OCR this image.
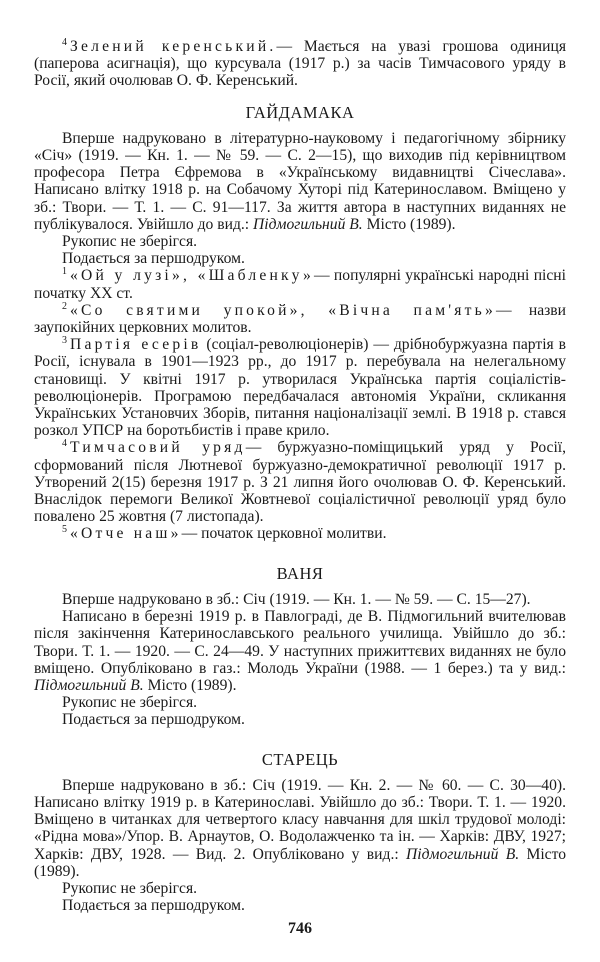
$^4$ Зелений керенський.— Мається на увазі грошова одиниця (паперова асигнація), що курсувала (1917 р.) за часів Тимчасового уряду в Росії, який очолював О. Ф. Керенський.

ГАЙДАМАКА

Вперше надруковано в літературно-науковому і педагогічному збірнику «Січ» (1919. — Кн. 1. — № 59. — С. 2—15), що виходив під керівництвом професора Петра Єфремова в «Українському видавництві Січеслава». Написано влітку 1918 р. на Собачому Хуторі під Катеринославом. Вміщено у зб.: Твори. — Т. 1. — С. 91—117. За життя автора в наступних виданнях не публікувалося. Увійшло до вид.: Підмогильний В. Місто (1989).

Рукопис не зберігся.

Подається за першодруком.

$^1$ «Ой у лузі», «Шабленку»— популярні українські народні пісні початку XX ст.

$^2$ «Со святими упокой», «Вічна пам'ять»— назви заупокійних церковних молитов.

$^3$ Партія есерів (соціал-революціонерів) — дрібнобуржуазна партія в Росії, існувала в 1901—1923 рр., до 1917 р. перебувала на нелегальному становищі. У квітні 1917 р. утворилася Українська партія соціалістів-революціонерів. Програмою передбачалася автономія України, скликання Українських Установчих Зборів, питання націоналізації землі. В 1918 р. стався розкол УПСР на боротьбистів і праве крило.

$^4$ Тимчасовий уряд— буржуазно-поміщицький уряд у Росії, сформований після Лютневої буржуазно-демократичної революції 1917 р. Утворений 2(15) березня 1917 р. З 21 липня його очолював О. Ф. Керенський. Внаслідок перемоги Великої Жовтневої соціалістичної революції уряд було повалено 25 жовтня (7 листопада).

$^5$ «Отче наш»— початок церковної молитви.

ВАНЯ

Вперше надруковано в зб.: Січ (1919. — Кн. 1. — № 59. — С. 15—27).

Написано в березні 1919 р. в Павлограді, де В. Підмогильний вчителював після закінчення Катеринославського реального училища. Увійшло до зб.: Твори. Т. 1. — 1920. — С. 24—49. У наступних прижиттєвих виданнях не було вміщено. Опубліковано в газ.: Молодь України (1988. — 1 берез.) та у вид.: Підмогильний В. Місто (1989).

Рукопис не зберігся.

Подається за першодруком.

СТАРЕЦЬ

Вперше надруковано в зб.: Січ (1919. — Кн. 2. — № 60. — С. 30—40). Написано влітку 1919 р. в Катеринославі. Увійшло до зб.: Твори. Т. 1. — 1920. Вміщено в читанках для четвертого класу навчання для шкіл трудової молоді: «Рідна мова»/Упор. В. Арнаутов, О. Водолажченко та ін. — Харків: ДВУ, 1927; Харків: ДВУ, 1928. — Вид. 2. Опубліковано у вид.: Підмогильний В. Місто (1989).

Рукопис не зберігся.

Подається за першодруком.

746
